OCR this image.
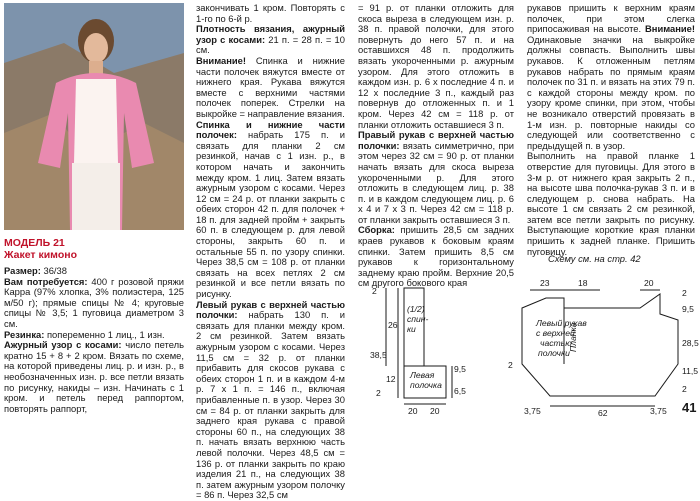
МОДЕЛЬ 21
Жакет кимоно

Размер: 36/38

Вам потребуется: 400 г розовой пряжи Карра (97% хлопка, 3% полиэстера, 125 м/50 г); прямые спицы № 4; круговые спицы № 3,5; 1 пуговица диаметром 3 см.

Резинка: попеременно 1 лиц., 1 изн.

Ажурный узор с косами: число петель кратно 15 + 8 + 2 кром. Вязать по схеме, на которой приведены лиц. р. и изн. р., в необозначенных изн. р. все петли вязать по рисунку, накиды – изн. Начинать с 1 кром. и петель перед раппортом, повторять раппорт,

закончивать 1 кром. Повторять с 1-го по 6-й р.

Плотность вязания, ажурный узор с косами: 21 п. = 28 п. = 10 см.

Внимание! Спинка и нижние части полочек вяжутся вместе от нижнего края. Рукава вяжутся вместе с верхними частями полочек поперек. Стрелки на выкройке = направление вязания.

Спинка и нижние части полочек: набрать 175 п. и связать для планки 2 см резинкой, начав с 1 изн. р., в котором начать и закончить между кром. 1 лиц. Затем вязать ажурным узором с косами. Через 12 см = 24 р. от планки закрыть с обеих сторон 42 п. для полочек + 18 п. для задней пройм + закрыть 60 п. в следующем р. для левой стороны, закрыть 60 п. и остальные 55 п. по узору спинки. Через 38,5 см = 108 р. от планки связать на всех петлях 2 см резинкой и все петли вязать по рисунку.

Левый рукав с верхней частью полочки: набрать 130 п. и связать для планки между кром. 2 см резинкой. Затем вязать ажурным узором с косами. Через 11,5 см = 32 р. от планки прибавить для скосов рукава с обеих сторон 1 п. и в каждом 4-м р. 7 x 1 п. = 146 п., включая прибавленные п. в узор. Через 30 см = 84 р. от планки закрыть для заднего края рукава с правой стороны 60 п., на следующих 38 п. начать вязать верхнюю часть левой полочки. Через 48,5 см = 136 р. от планки закрыть по краю изделия 21 п., на следующих 38 п. затем ажурным узором полочку = 86 п. Через 32,5 см

= 91 р. от планки отложить для скоса выреза в следующем изн. р. 38 п. правой полочки, для этого повернуть до него 57 п. и на оставшихся 48 п. продолжить вязать укороченными р. ажурным узором. Для этого отложить в каждом изн. р. 6 x последние 4 п. и 12 x последние 3 п., каждый раз повернув до отложенных п. и 1 кром. Через 42 см = 118 р. от планки отложить оставшиеся 3 п.

Правый рукав с верхней частью полочки: вязать симметрично, при этом через 32 см = 90 р. от планки начать вязать для скоса выреза укороченными р. Для этого отложить в следующем лиц. р. 38 п. и в каждом следующем лиц. р. 6 x 4 и 7 x 3 п. Через 42 см = 118 р. от планки закрыть оставшиеся 3 п.

Сборка: пришить 28,5 см задних краев рукавов к боковым краям спинки. Затем пришить 8,5 см рукавов к горизонтальному заднему краю пройм. Верхние 20,5 см другого бокового края

рукавов пришить к верхним краям полочек, при этом слегка припосаживая на высоте. Внимание! Одинаковые значки на выкройке должны совпасть. Выполнить швы рукавов. К отложенным петлям рукавов набрать по прямым краям полочек по 31 п. и вязать на этих 79 п. с каждой стороны между кром. по узору кроме спинки, при этом, чтобы не возникало отверстий провязать в 1-м изн. р. повторные накиды со следующей или соответственно с предыдущей п. в узор.

Выполнить на правой планке 1 отверстие для пуговицы. Для этого в 3-м р. от нижнего края закрыть 2 п., на высоте шва полочка-рукав 3 п. и в следующем р. снова набрать. На высоте 1 см связать 2 см резинкой, затем все петли закрыть по рисунку. Выступающие короткие края планки пришить к задней планке. Пришить пуговицу.

Схему см. на стр. 42
2
26
38,5
12
2
20 20
9,5
6,5
(1/2)
спин-
ки
Левая
полочка
23	18	20
2
9,5
28,5
11,5
2
3,75	62	3,75
2
Левый рукав
с верхней
частью
полочки
Планка
41
